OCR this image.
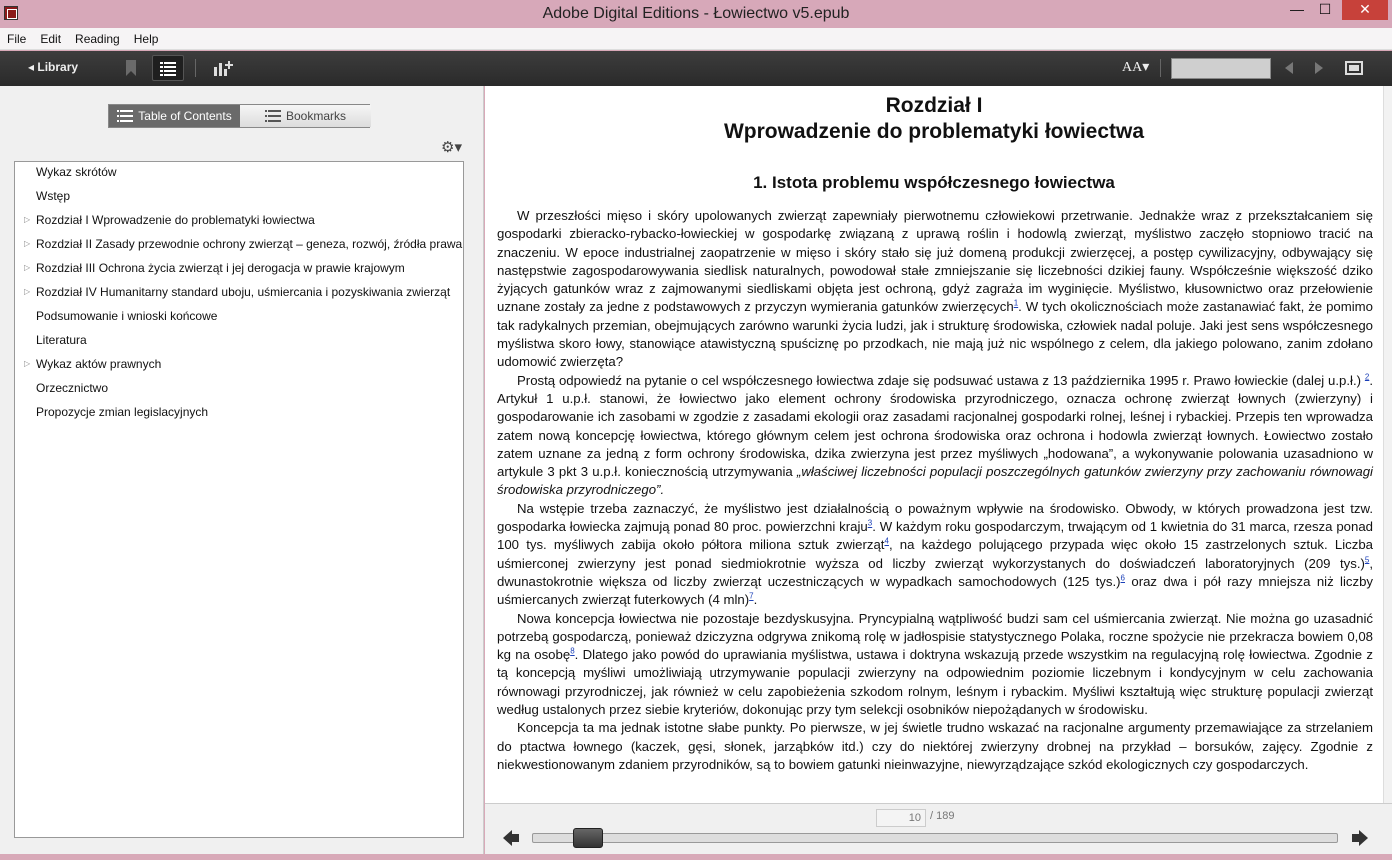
Adobe Digital Editions - Łowiectwo v5.epub	—	☐	✕
File Edit Reading Help
◂ Library	AA▾
Table of Contents	Bookmarks
⚙▾
Wykaz skrótów
Wstęp
▷ Rozdział I Wprowadzenie do problematyki łowiectwa
▷ Rozdział II Zasady przewodnie ochrony zwierząt – geneza, rozwój, źródła prawa
▷ Rozdział III Ochrona życia zwierząt i jej derogacja w prawie krajowym
▷ Rozdział IV Humanitarny standard uboju, uśmiercania i pozyskiwania zwierząt
Podsumowanie i wnioski końcowe
Literatura
▷ Wykaz aktów prawnych
Orzecznictwo
Propozycje zmian legislacyjnych
Rozdział I
Wprowadzenie do problematyki łowiectwa
1. Istota problemu współczesnego łowiectwa

W przeszłości mięso i skóry upolowanych zwierząt zapewniały pierwotnemu człowiekowi przetrwanie. Jednakże wraz z przekształcaniem się gospodarki zbieracko-rybacko-łowieckiej w gospodarkę związaną z uprawą roślin i hodowlą zwierząt, myślistwo zaczęło stopniowo tracić na znaczeniu. W epoce industrialnej zaopatrzenie w mięso i skóry stało się już domeną produkcji zwierzęcej, a postęp cywilizacyjny, odbywający się następstwie zagospodarowywania siedlisk naturalnych, powodował stałe zmniejszanie się liczebności dzikiej fauny. Współcześnie większość dziko żyjących gatunków wraz z zajmowanymi siedliskami objęta jest ochroną, gdyż zagraża im wyginięcie. Myślistwo, kłusownictwo oraz przełowienie uznane zostały za jedne z podstawowych z przyczyn wymierania gatunków zwierzęcych$^1$. W tych okolicznościach może zastanawiać fakt, że pomimo tak radykalnych przemian, obejmujących zarówno warunki życia ludzi, jak i strukturę środowiska, człowiek nadal poluje. Jaki jest sens współczesnego myślistwa skoro łowy, stanowiące atawistyczną spuściznę po przodkach, nie mają już nic wspólnego z celem, dla jakiego polowano, zanim zdołano udomowić zwierzęta?

Prostą odpowiedź na pytanie o cel współczesnego łowiectwa zdaje się podsuwać ustawa z 13 października 1995 r. Prawo łowieckie (dalej u.p.ł.) $^2$. Artykuł 1 u.p.ł. stanowi, że łowiectwo jako element ochrony środowiska przyrodniczego, oznacza ochronę zwierząt łownych (zwierzyny) i gospodarowanie ich zasobami w zgodzie z zasadami ekologii oraz zasadami racjonalnej gospodarki rolnej, leśnej i rybackiej. Przepis ten wprowadza zatem nową koncepcję łowiectwa, którego głównym celem jest ochrona środowiska oraz ochrona i hodowla zwierząt łownych. Łowiectwo zostało zatem uznane za jedną z form ochrony środowiska, dzika zwierzyna jest przez myśliwych „hodowana”, a wykonywanie polowania uzasadniono w artykule 3 pkt 3 u.p.ł. koniecznością utrzymywania „właściwej liczebności populacji poszczególnych gatunków zwierzyny przy zachowaniu równowagi środowiska przyrodniczego”.

Na wstępie trzeba zaznaczyć, że myślistwo jest działalnością o poważnym wpływie na środowisko. Obwody, w których prowadzona jest tzw. gospodarka łowiecka zajmują ponad 80 proc. powierzchni kraju$^3$. W każdym roku gospodarczym, trwającym od 1 kwietnia do 31 marca, rzesza ponad 100 tys. myśliwych zabija około półtora miliona sztuk zwierząt$^4$, na każdego polującego przypada więc około 15 zastrzelonych sztuk. Liczba uśmierconej zwierzyny jest ponad siedmiokrotnie wyższa od liczby zwierząt wykorzystanych do doświadczeń laboratoryjnych (209 tys.)$^5$, dwunastokrotnie większa od liczby zwierząt uczestniczących w wypadkach samochodowych (125 tys.)$^6$ oraz dwa i pół razy mniejsza niż liczby uśmiercanych zwierząt futerkowych (4 mln)$^7$.

Nowa koncepcja łowiectwa nie pozostaje bezdyskusyjna. Pryncypialną wątpliwość budzi sam cel uśmiercania zwierząt. Nie można go uzasadnić potrzebą gospodarczą, ponieważ dziczyzna odgrywa znikomą rolę w jadłospisie statystycznego Polaka, roczne spożycie nie przekracza bowiem 0,08 kg na osobę$^8$. Dlatego jako powód do uprawiania myślistwa, ustawa i doktryna wskazują przede wszystkim na regulacyjną rolę łowiectwa. Zgodnie z tą koncepcją myśliwi umożliwiają utrzymywanie populacji zwierzyny na odpowiednim poziomie liczebnym i kondycyjnym w celu zachowania równowagi przyrodniczej, jak również w celu zapobieżenia szkodom rolnym, leśnym i rybackim. Myśliwi kształtują więc strukturę populacji zwierząt według ustalonych przez siebie kryteriów, dokonując przy tym selekcji osobników niepożądanych w środowisku.

Koncepcja ta ma jednak istotne słabe punkty. Po pierwsze, w jej świetle trudno wskazać na racjonalne argumenty przemawiające za strzelaniem do ptactwa łownego (kaczek, gęsi, słonek, jarząbków itd.) czy do niektórej zwierzyny drobnej na przykład – borsuków, zajęcy. Zgodnie z niekwestionowanym zdaniem przyrodników, są to bowiem gatunki nieinwazyjne, niewyrządzające szkód ekologicznych czy gospodarczych.

10 / 189
